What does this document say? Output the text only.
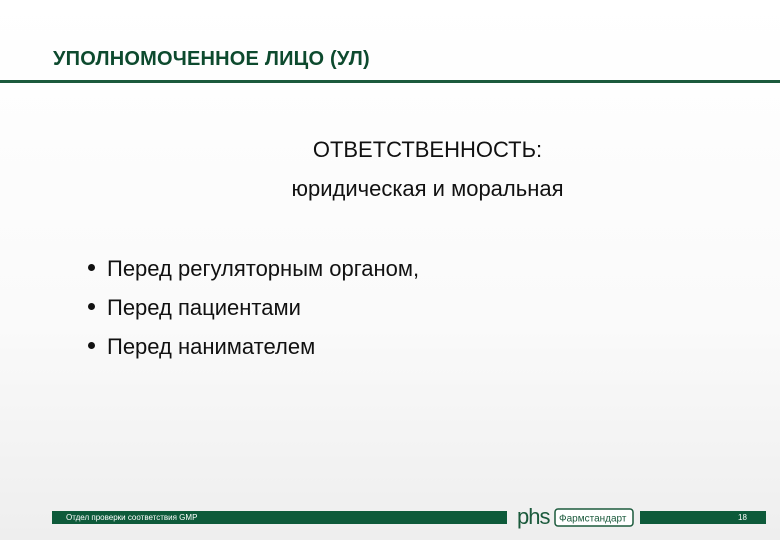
УПОЛНОМОЧЕННОЕ ЛИЦО (УЛ)
ОТВЕТСТВЕННОСТЬ:
юридическая и моральная
Перед регуляторным органом,
Перед пациентами
Перед нанимателем
Отдел проверки соответствия GMP	phs Фармстандарт	18
